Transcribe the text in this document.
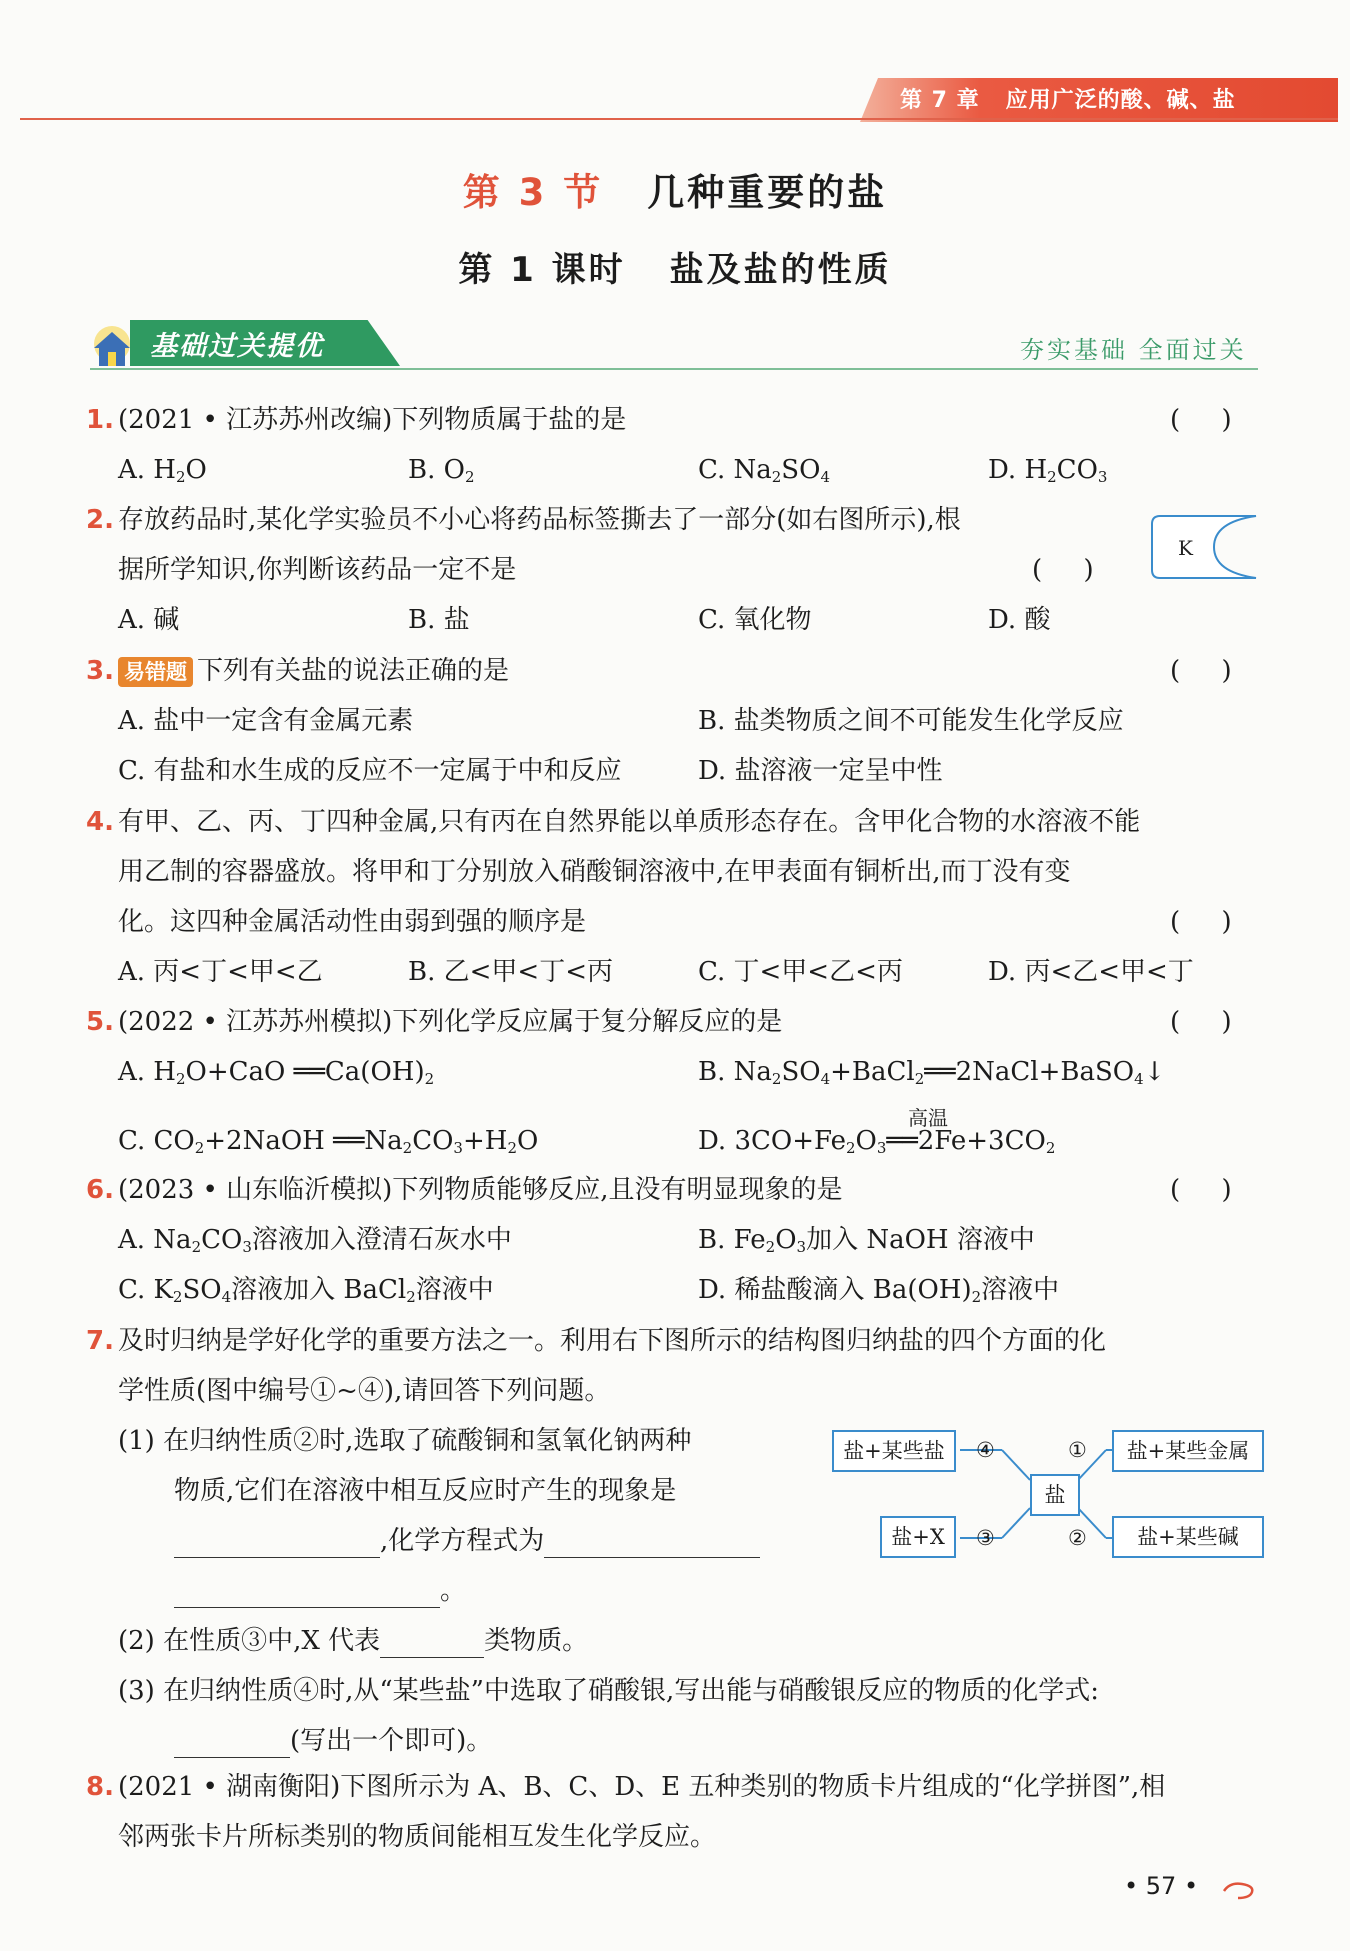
第 7 章 应用广泛的酸、碱、盐
第 3 节 几种重要的盐
第 1 课时 盐及盐的性质
基础过关提优	夯实基础 全面过关
1. (2021 • 江苏苏州改编)下列物质属于盐的是	(     )
A. $H_2O$	B. $O_2$	C. $Na_2SO_4$	D. $H_2CO_3$
2. 存放药品时,某化学实验员不小心将药品标签撕去了一部分(如右图所示),根
据所学知识,你判断该药品一定不是	(     )
K
A. 碱	B. 盐	C. 氧化物	D. 酸
3. 易错题 下列有关盐的说法正确的是	(     )
A. 盐中一定含有金属元素	B. 盐类物质之间不可能发生化学反应
C. 有盐和水生成的反应不一定属于中和反应	D. 盐溶液一定呈中性
4. 有甲、乙、丙、丁四种金属,只有丙在自然界能以单质形态存在。含甲化合物的水溶液不能
用乙制的容器盛放。将甲和丁分别放入硝酸铜溶液中,在甲表面有铜析出,而丁没有变
化。这四种金属活动性由弱到强的顺序是	(     )
A. 丙<丁<甲<乙	B. 乙<甲<丁<丙	C. 丁<甲<乙<丙	D. 丙<乙<甲<丁
5. (2022 • 江苏苏州模拟)下列化学反应属于复分解反应的是	(     )
A. $H_2O+CaO$ $══Ca(OH)_2$	B. $Na_2SO_4+BaCl_2══2NaCl+BaSO_4↓$
C. $CO_2+2NaOH$ $══Na_2CO_3+H_2O$
高温
D. $3CO+Fe_2O_3══2Fe+3CO_2$
6. (2023 • 山东临沂模拟)下列物质能够反应,且没有明显现象的是	(     )
A. $Na_2CO_3$溶液加入澄清石灰水中	B. $Fe_2O_3$加入 NaOH 溶液中
C. $K_2SO_4$溶液加入 BaCl$_2$溶液中	D. 稀盐酸滴入 $Ba(OH)_2$溶液中
7. 及时归纳是学好化学的重要方法之一。利用右下图所示的结构图归纳盐的四个方面的化
学性质(图中编号①~④),请回答下列问题。
(1) 在归纳性质②时,选取了硫酸铜和氢氧化钠两种
物质,它们在溶液中相互反应时产生的现象是
,化学方程式为
。
(2) 在性质③中,X 代表	类物质。
(3) 在归纳性质④时,从“某些盐”中选取了硝酸银,写出能与硝酸银反应的物质的化学式:
(写出一个即可)。
盐+某些盐	盐+某些金属
盐+X	盐+某些碱
盐
④
③
①
②
8. (2021 • 湖南衡阳)下图所示为 A、B、C、D、E 五种类别的物质卡片组成的“化学拼图”,相
邻两张卡片所标类别的物质间能相互发生化学反应。
• 57 •
